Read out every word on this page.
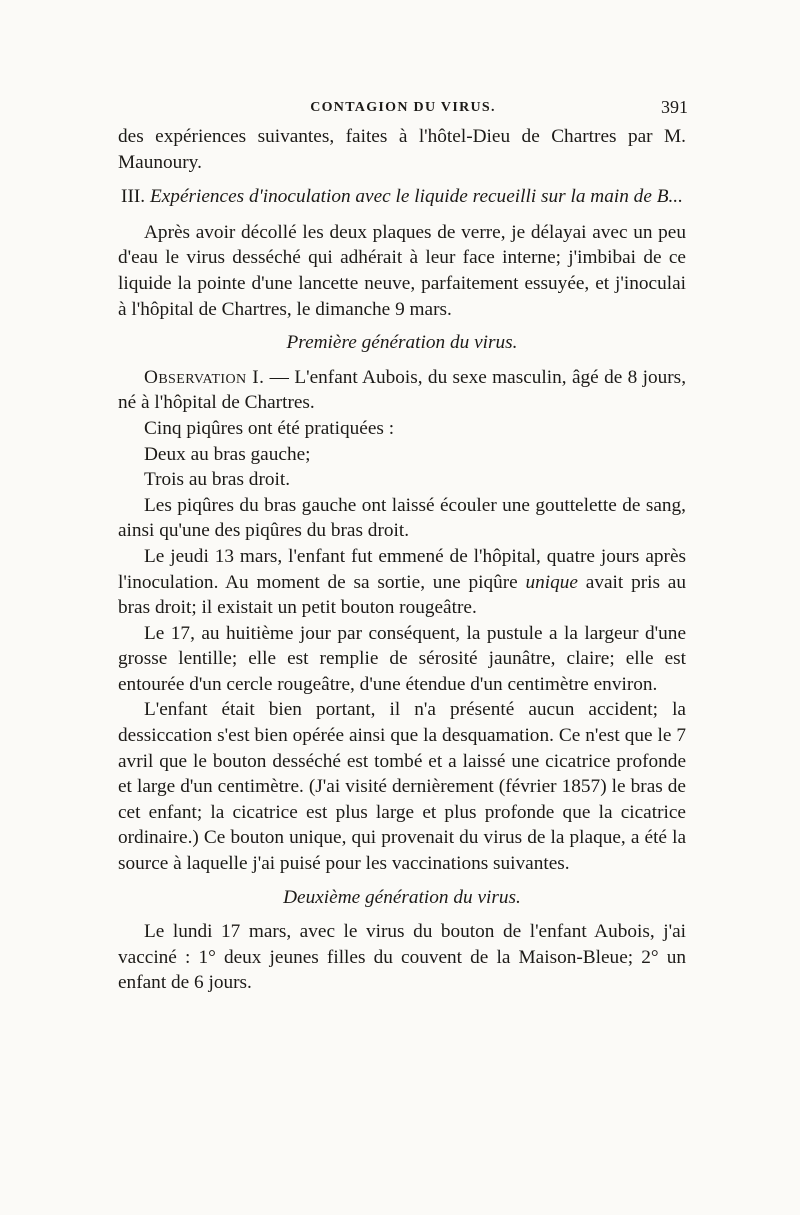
CONTAGION DU VIRUS.	391

des expériences suivantes, faites à l'hôtel-Dieu de Chartres par M. Maunoury.

III. Expériences d'inoculation avec le liquide recueilli sur la main de B...

Après avoir décollé les deux plaques de verre, je délayai avec un peu d'eau le virus desséché qui adhérait à leur face interne; j'imbibai de ce liquide la pointe d'une lancette neuve, parfaitement essuyée, et j'inoculai à l'hôpital de Chartres, le dimanche 9 mars.

Première génération du virus.

Observation I. — L'enfant Aubois, du sexe masculin, âgé de 8 jours, né à l'hôpital de Chartres.

Cinq piqûres ont été pratiquées :

Deux au bras gauche;

Trois au bras droit.

Les piqûres du bras gauche ont laissé écouler une gouttelette de sang, ainsi qu'une des piqûres du bras droit.

Le jeudi 13 mars, l'enfant fut emmené de l'hôpital, quatre jours après l'inoculation. Au moment de sa sortie, une piqûre unique avait pris au bras droit; il existait un petit bouton rougeâtre.

Le 17, au huitième jour par conséquent, la pustule a la largeur d'une grosse lentille; elle est remplie de sérosité jaunâtre, claire; elle est entourée d'un cercle rougeâtre, d'une étendue d'un centimètre environ.

L'enfant était bien portant, il n'a présenté aucun accident; la dessiccation s'est bien opérée ainsi que la desquamation. Ce n'est que le 7 avril que le bouton desséché est tombé et a laissé une cicatrice profonde et large d'un centimètre. (J'ai visité dernièrement (février 1857) le bras de cet enfant; la cicatrice est plus large et plus profonde que la cicatrice ordinaire.) Ce bouton unique, qui provenait du virus de la plaque, a été la source à laquelle j'ai puisé pour les vaccinations suivantes.

Deuxième génération du virus.

Le lundi 17 mars, avec le virus du bouton de l'enfant Aubois, j'ai vacciné : 1° deux jeunes filles du couvent de la Maison-Bleue; 2° un enfant de 6 jours.
